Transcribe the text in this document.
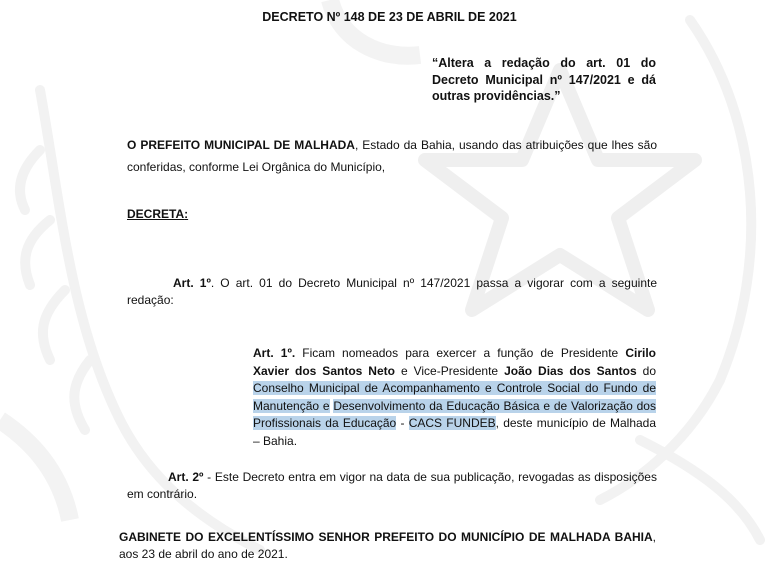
DECRETO Nº 148 DE 23 DE ABRIL DE 2021
“Altera a redação do art. 01 do Decreto Municipal nº 147/2021 e dá outras providências.”
O PREFEITO MUNICIPAL DE MALHADA, Estado da Bahia, usando das atribuições que lhes são conferidas, conforme Lei Orgânica do Município,
DECRETA:
Art. 1º. O art. 01 do Decreto Municipal nº 147/2021 passa a vigorar com a seguinte redação:
Art. 1º. Ficam nomeados para exercer a função de Presidente Cirilo Xavier dos Santos Neto e Vice-Presidente João Dias dos Santos do Conselho Municipal de Acompanhamento e Controle Social do Fundo de Manutenção e Desenvolvimento da Educação Básica e de Valorização dos Profissionais da Educação - CACS FUNDEB, deste município de Malhada – Bahia.
Art. 2º - Este Decreto entra em vigor na data de sua publicação, revogadas as disposições em contrário.
GABINETE DO EXCELENTÍSSIMO SENHOR PREFEITO DO MUNICÍPIO DE MALHADA BAHIA, aos 23 de abril do ano de 2021.
